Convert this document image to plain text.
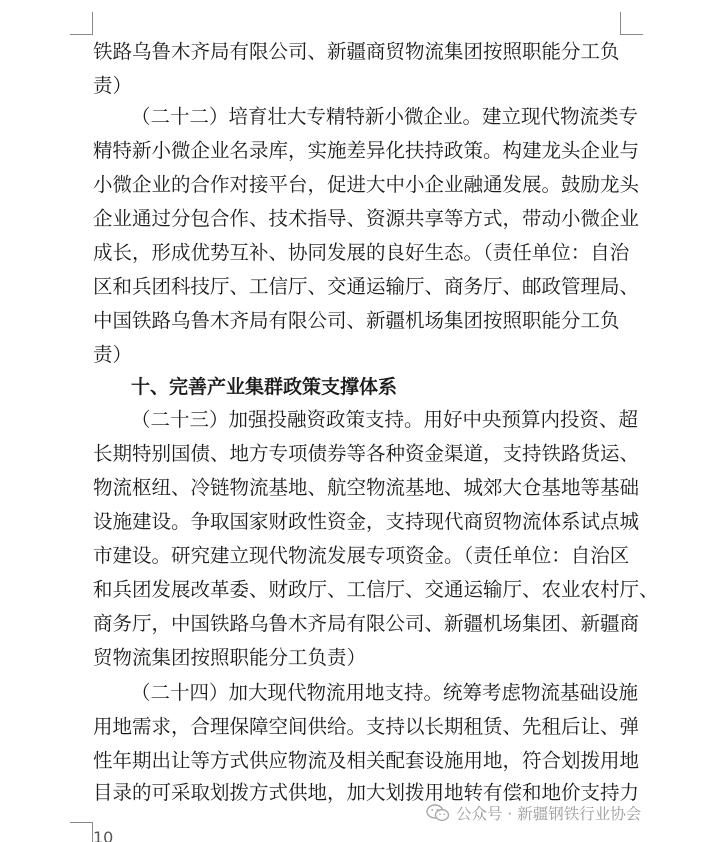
铁路乌鲁木齐局有限公司、新疆商贸物流集团按照职能分工负
责）
（二十二）培育壮大专精特新小微企业。建立现代物流类专
精特新小微企业名录库，实施差异化扶持政策。构建龙头企业与
小微企业的合作对接平台，促进大中小企业融通发展。鼓励龙头
企业通过分包合作、技术指导、资源共享等方式，带动小微企业
成长，形成优势互补、协同发展的良好生态。（责任单位：自治
区和兵团科技厅、工信厅、交通运输厅、商务厅、邮政管理局、
中国铁路乌鲁木齐局有限公司、新疆机场集团按照职能分工负
责）
十、完善产业集群政策支撑体系
（二十三）加强投融资政策支持。用好中央预算内投资、超
长期特别国债、地方专项债券等各种资金渠道，支持铁路货运、
物流枢纽、冷链物流基地、航空物流基地、城郊大仓基地等基础
设施建设。争取国家财政性资金，支持现代商贸物流体系试点城
市建设。研究建立现代物流发展专项资金。（责任单位：自治区
和兵团发展改革委、财政厅、工信厅、交通运输厅、农业农村厅、
商务厅，中国铁路乌鲁木齐局有限公司、新疆机场集团、新疆商
贸物流集团按照职能分工负责）
（二十四）加大现代物流用地支持。统筹考虑物流基础设施
用地需求，合理保障空间供给。支持以长期租赁、先租后让、弹
性年期出让等方式供应物流及相关配套设施用地，符合划拨用地
目录的可采取划拨方式供地，加大划拨用地转有偿和地价支持力
10
公众号 · 新疆钢铁行业协会
